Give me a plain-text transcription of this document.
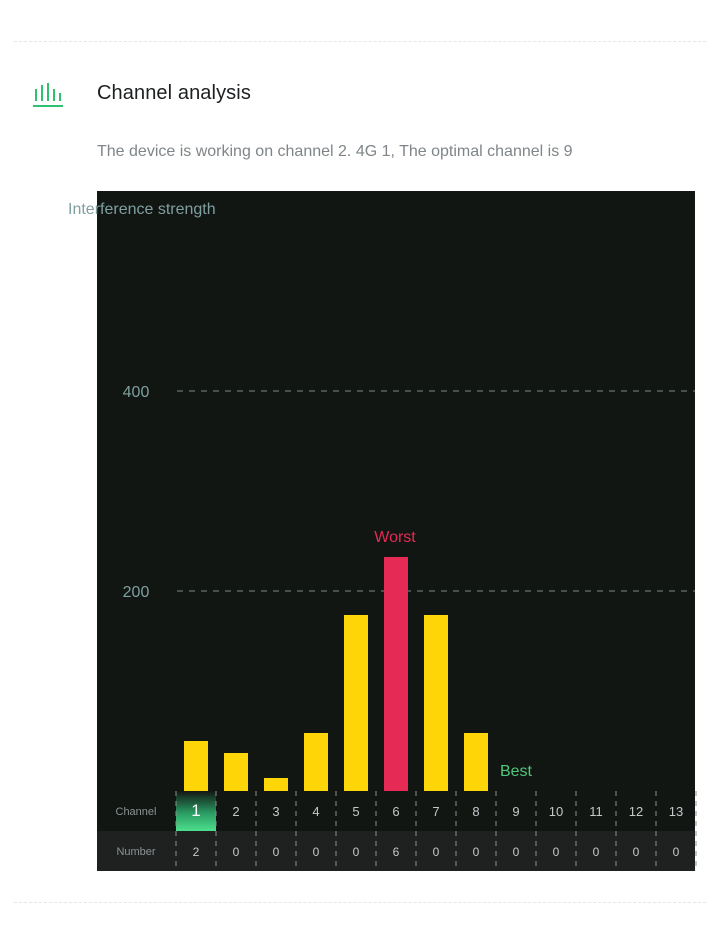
Channel analysis
The device is working on channel 2. 4G 1, The optimal channel is 9
200
400
Worst
Best
Channel
Number
1
2
2
0
3
0
4
0
5
0
6
6
7
0
8
0
9
0
10
0
11
0
12
0
13
0
Interference strength
